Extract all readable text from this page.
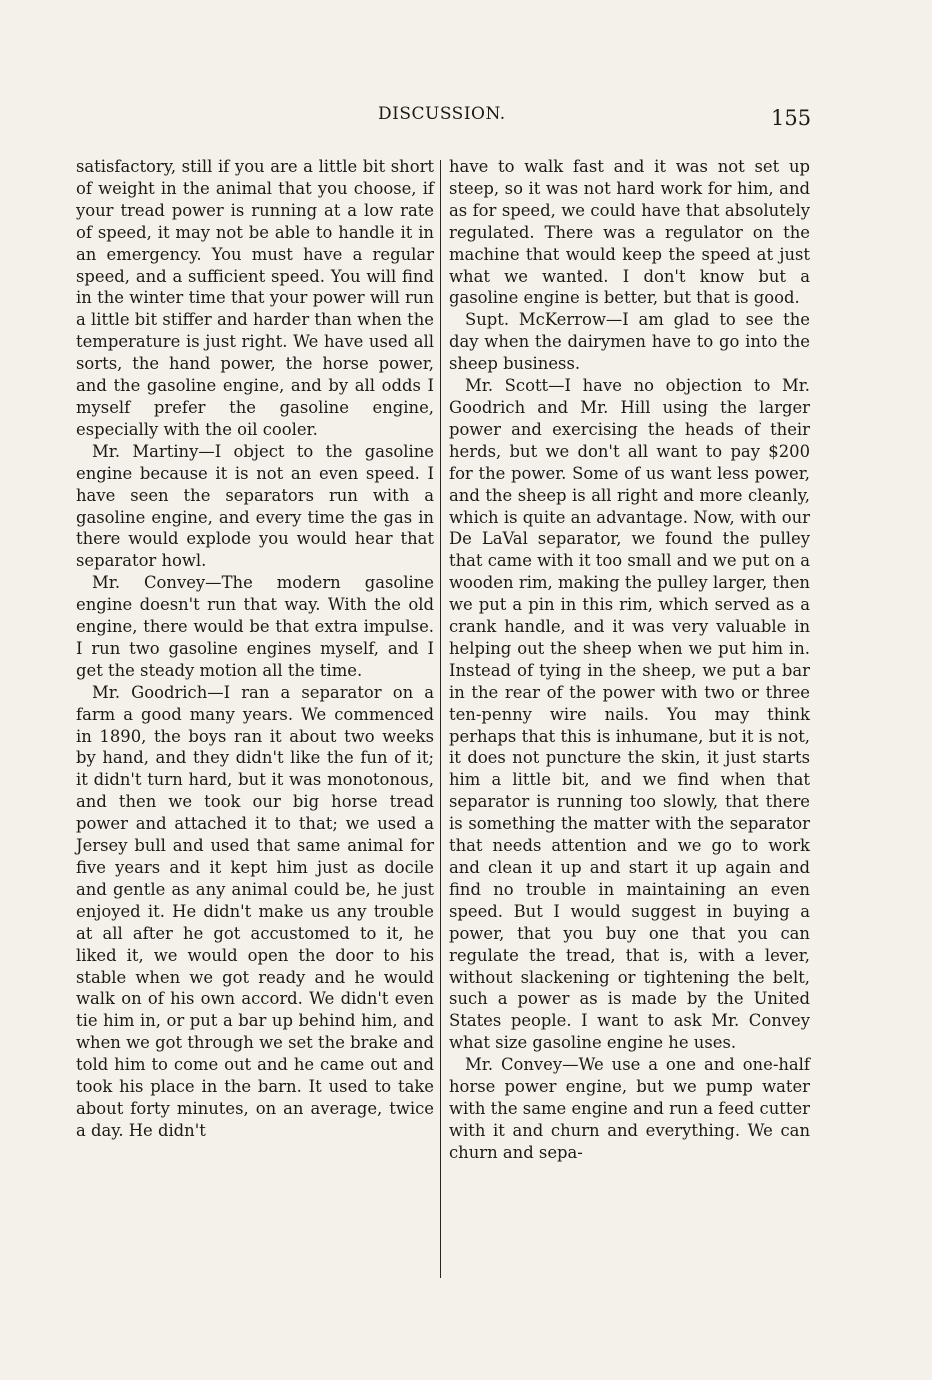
DISCUSSION.	155

satisfactory, still if you are a little bit short of weight in the animal that you choose, if your tread power is running at a low rate of speed, it may not be able to handle it in an emergency. You must have a regular speed, and a sufficient speed. You will find in the winter time that your power will run a little bit stiffer and harder than when the temperature is just right. We have used all sorts, the hand power, the horse power, and the gasoline engine, and by all odds I myself prefer the gasoline engine, especially with the oil cooler.

Mr. Martiny—I object to the gasoline engine because it is not an even speed. I have seen the separators run with a gasoline engine, and every time the gas in there would explode you would hear that separator howl.

Mr. Convey—The modern gasoline engine doesn't run that way. With the old engine, there would be that extra impulse. I run two gasoline engines myself, and I get the steady motion all the time.

Mr. Goodrich—I ran a separator on a farm a good many years. We commenced in 1890, the boys ran it about two weeks by hand, and they didn't like the fun of it; it didn't turn hard, but it was monotonous, and then we took our big horse tread power and attached it to that; we used a Jersey bull and used that same animal for five years and it kept him just as docile and gentle as any animal could be, he just enjoyed it. He didn't make us any trouble at all after he got accustomed to it, he liked it, we would open the door to his stable when we got ready and he would walk on of his own accord. We didn't even tie him in, or put a bar up behind him, and when we got through we set the brake and told him to come out and he came out and took his place in the barn. It used to take about forty minutes, on an average, twice a day. He didn't

have to walk fast and it was not set up steep, so it was not hard work for him, and as for speed, we could have that absolutely regulated. There was a regulator on the machine that would keep the speed at just what we wanted. I don't know but a gasoline engine is better, but that is good.

Supt. McKerrow—I am glad to see the day when the dairymen have to go into the sheep business.

Mr. Scott—I have no objection to Mr. Goodrich and Mr. Hill using the larger power and exercising the heads of their herds, but we don't all want to pay $200 for the power. Some of us want less power, and the sheep is all right and more cleanly, which is quite an advantage. Now, with our De LaVal separator, we found the pulley that came with it too small and we put on a wooden rim, making the pulley larger, then we put a pin in this rim, which served as a crank handle, and it was very valuable in helping out the sheep when we put him in. Instead of tying in the sheep, we put a bar in the rear of the power with two or three ten-penny wire nails. You may think perhaps that this is inhumane, but it is not, it does not puncture the skin, it just starts him a little bit, and we find when that separator is running too slowly, that there is something the matter with the separator that needs attention and we go to work and clean it up and start it up again and find no trouble in maintaining an even speed. But I would suggest in buying a power, that you buy one that you can regulate the tread, that is, with a lever, without slackening or tightening the belt, such a power as is made by the United States people. I want to ask Mr. Convey what size gasoline engine he uses.

Mr. Convey—We use a one and one-half horse power engine, but we pump water with the same engine and run a feed cutter with it and churn and everything. We can churn and sepa-
